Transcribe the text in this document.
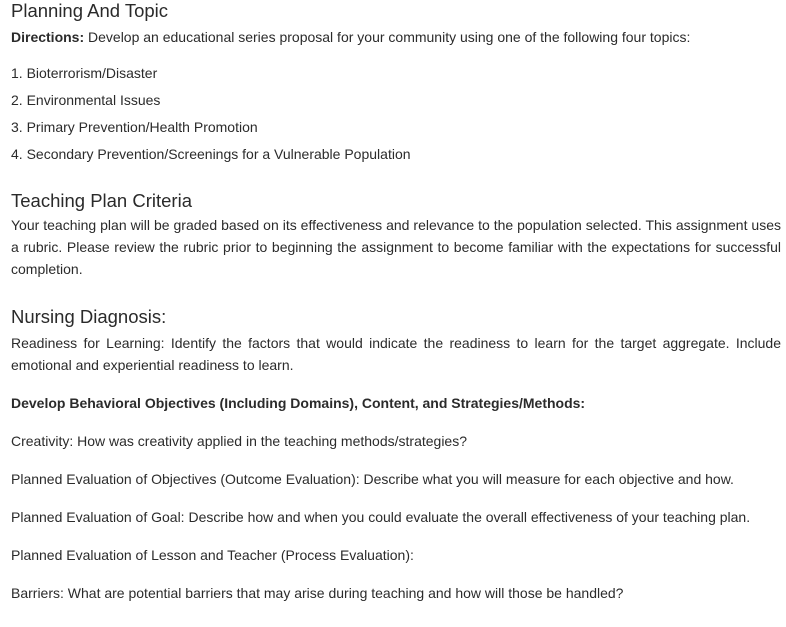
Planning And Topic

Directions: Develop an educational series proposal for your community using one of the following four topics:

1. Bioterrorism/Disaster
2. Environmental Issues
3. Primary Prevention/Health Promotion
4. Secondary Prevention/Screenings for a Vulnerable Population
Teaching Plan Criteria

Your teaching plan will be graded based on its effectiveness and relevance to the population selected. This assignment uses a rubric. Please review the rubric prior to beginning the assignment to become familiar with the expectations for successful completion.

Nursing Diagnosis:

Readiness for Learning: Identify the factors that would indicate the readiness to learn for the target aggregate. Include emotional and experiential readiness to learn.

Develop Behavioral Objectives (Including Domains), Content, and Strategies/Methods:

Creativity: How was creativity applied in the teaching methods/strategies?

Planned Evaluation of Objectives (Outcome Evaluation): Describe what you will measure for each objective and how.

Planned Evaluation of Goal: Describe how and when you could evaluate the overall effectiveness of your teaching plan.

Planned Evaluation of Lesson and Teacher (Process Evaluation):

Barriers: What are potential barriers that may arise during teaching and how will those be handled?
